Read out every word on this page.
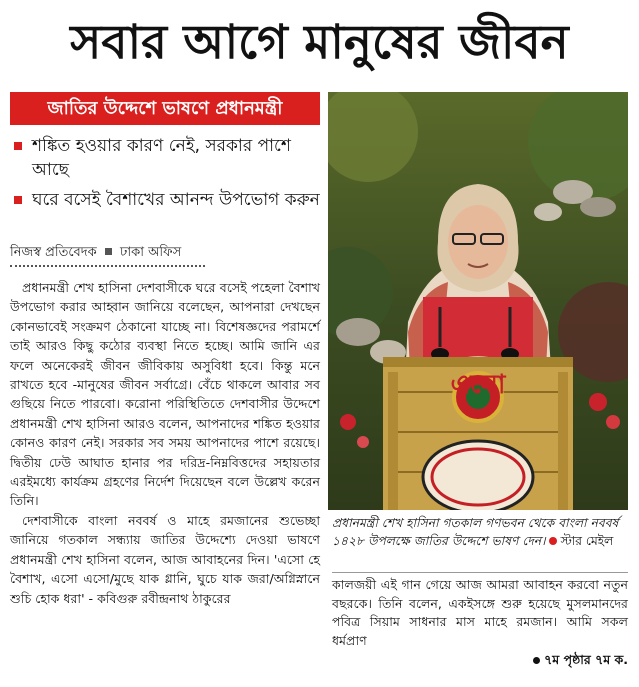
সবার আগে মানুষের জীবন
জাতির উদ্দেশে ভাষণে প্রধানমন্ত্রী
শঙ্কিত হওয়ার কারণ নেই, সরকার পাশে আছে
ঘরে বসেই বৈশাখের আনন্দ উপভোগ করুন
নিজস্ব প্রতিবেদক ঢাকা অফিস

প্রধানমন্ত্রী শেখ হাসিনা দেশবাসীকে ঘরে বসেই পহেলা বৈশাখ উপভোগ করার আহ্বান জানিয়ে বলেছেন, আপনারা দেখছেন কোনভাবেই সংক্রমণ ঠেকানো যাচ্ছে না। বিশেষজ্ঞদের পরামর্শে তাই আরও কিছু কঠোর ব্যবস্থা নিতে হচ্ছে। আমি জানি এর ফলে অনেকেরই জীবন জীবিকায় অসুবিধা হবে। কিন্তু মনে রাখতে হবে -মানুষের জীবন সর্বাগ্রে। বেঁচে থাকলে আবার সব গুছিয়ে নিতে পারবো। করোনা পরিস্থিতিতে দেশবাসীর উদ্দেশে প্রধানমন্ত্রী শেখ হাসিনা আরও বলেন, আপনাদের শঙ্কিত হওয়ার কোনও কারণ নেই। সরকার সব সময় আপনাদের পাশে রয়েছে। দ্বিতীয় ঢেউ আঘাত হানার পর দরিদ্র-নিম্নবিত্তদের সহায়তার এরইমধ্যে কার্যক্রম গ্রহণের নির্দেশ দিয়েছেন বলে উল্লেখ করেন তিনি।

দেশবাসীকে বাংলা নববর্ষ ও মাহে রমজানের শুভেচ্ছা জানিয়ে গতকাল সন্ধ্যায় জাতির উদ্দেশ্যে দেওয়া ভাষণে প্রধানমন্ত্রী শেখ হাসিনা বলেন, আজ আবাহনের দিন। 'এসো হে বৈশাখ, এসো এসো/মুছে যাক গ্লানি, ঘুচে যাক জরা/অগ্নিস্নানে শুচি হোক ধরা' - কবিগুরু রবীন্দ্রনাথ ঠাকুরের

এসো
প্রধানমন্ত্রী শেখ হাসিনা গতকাল গণভবন থেকে বাংলা নববর্ষ ১৪২৮ উপলক্ষে জাতির উদ্দেশে ভাষণ দেন। স্টার মেইল
কালজয়ী এই গান গেয়ে আজ আমরা আবাহন করবো নতুন বছরকে। তিনি বলেন, একইসঙ্গে শুরু হয়েছে মুসলমানদের পবিত্র সিয়াম সাধনার মাস মাহে রমজান। আমি সকল ধর্মপ্রাণ
৭ম পৃষ্ঠার ৭ম ক.
